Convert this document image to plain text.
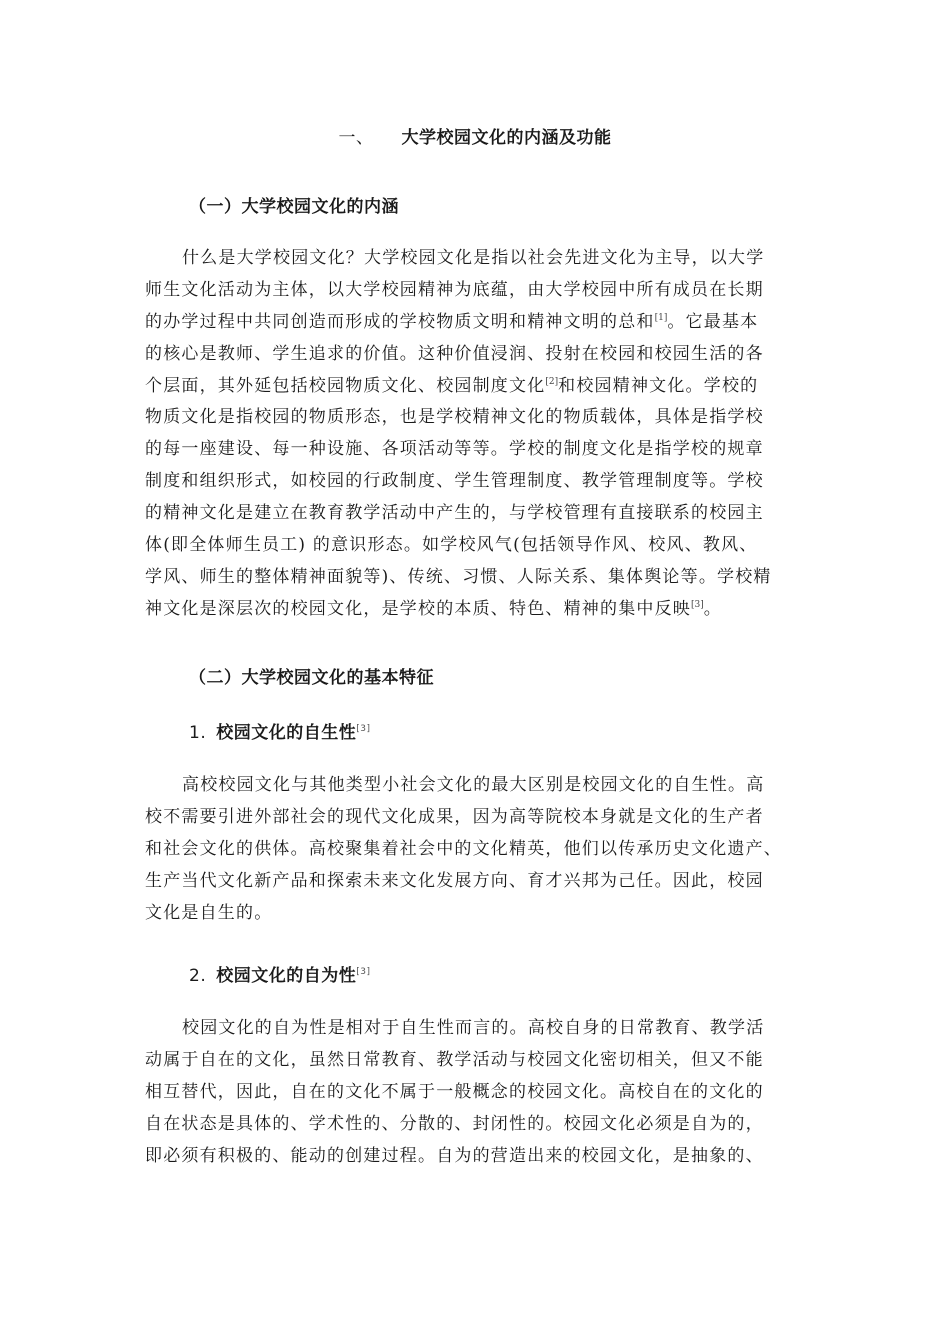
一、 大学校园文化的内涵及功能
（一）大学校园文化的内涵
什么是大学校园文化？大学校园文化是指以社会先进文化为主导，以大学
师生文化活动为主体，以大学校园精神为底蕴，由大学校园中所有成员在长期
的办学过程中共同创造而形成的学校物质文明和精神文明的总和[1]。它最基本
的核心是教师、学生追求的价值。这种价值浸润、投射在校园和校园生活的各
个层面，其外延包括校园物质文化、校园制度文化[2]和校园精神文化。学校的
物质文化是指校园的物质形态，也是学校精神文化的物质载体，具体是指学校
的每一座建设、每一种设施、各项活动等等。学校的制度文化是指学校的规章
制度和组织形式，如校园的行政制度、学生管理制度、教学管理制度等。学校
的精神文化是建立在教育教学活动中产生的，与学校管理有直接联系的校园主
体(即全体师生员工) 的意识形态。如学校风气(包括领导作风、校风、教风、
学风、师生的整体精神面貌等)、传统、习惯、人际关系、集体舆论等。学校精
神文化是深层次的校园文化，是学校的本质、特色、精神的集中反映[3]。
（二）大学校园文化的基本特征
1. 校园文化的自生性[3]
高校校园文化与其他类型小社会文化的最大区别是校园文化的自生性。高
校不需要引进外部社会的现代文化成果，因为高等院校本身就是文化的生产者
和社会文化的供体。高校聚集着社会中的文化精英，他们以传承历史文化遗产、
生产当代文化新产品和探索未来文化发展方向、育才兴邦为己任。因此，校园
文化是自生的。
2. 校园文化的自为性[3]
校园文化的自为性是相对于自生性而言的。高校自身的日常教育、教学活
动属于自在的文化，虽然日常教育、教学活动与校园文化密切相关，但又不能
相互替代，因此，自在的文化不属于一般概念的校园文化。高校自在的文化的
自在状态是具体的、学术性的、分散的、封闭性的。校园文化必须是自为的，
即必须有积极的、能动的创建过程。自为的营造出来的校园文化，是抽象的、
